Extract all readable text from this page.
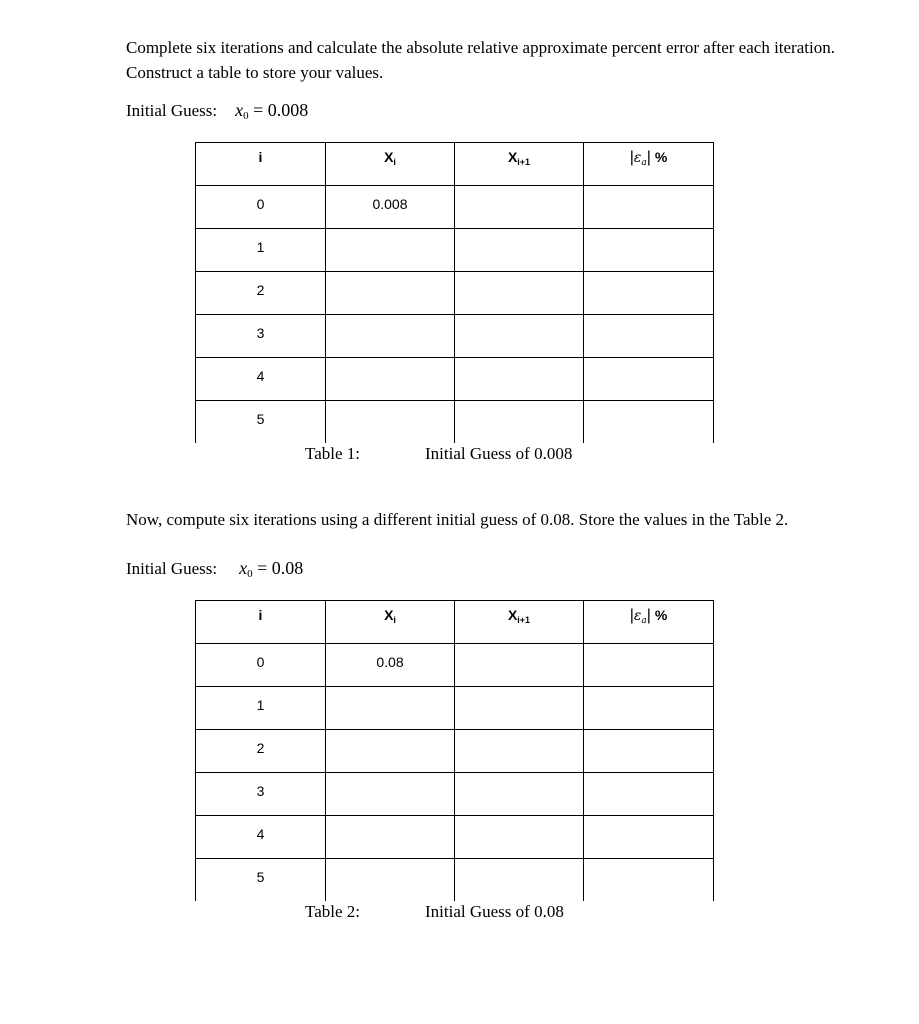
Complete six iterations and calculate the absolute relative approximate percent error after each iteration. Construct a table to store your values.
Initial Guess: $x_0 = 0.008$
i	$X_i$	$X_{i+1}$	$|\varepsilon_a|$ %
0	0.008		
1			
2			
3			
4			
5			
Table 1:	Initial Guess of 0.008
Now, compute six iterations using a different initial guess of 0.08. Store the values in the Table 2.
Initial Guess: $x_0 = 0.08$
i	$X_i$	$X_{i+1}$	$|\varepsilon_a|$ %
0	0.08		
1			
2			
3			
4			
5			
Table 2:	Initial Guess of 0.08
